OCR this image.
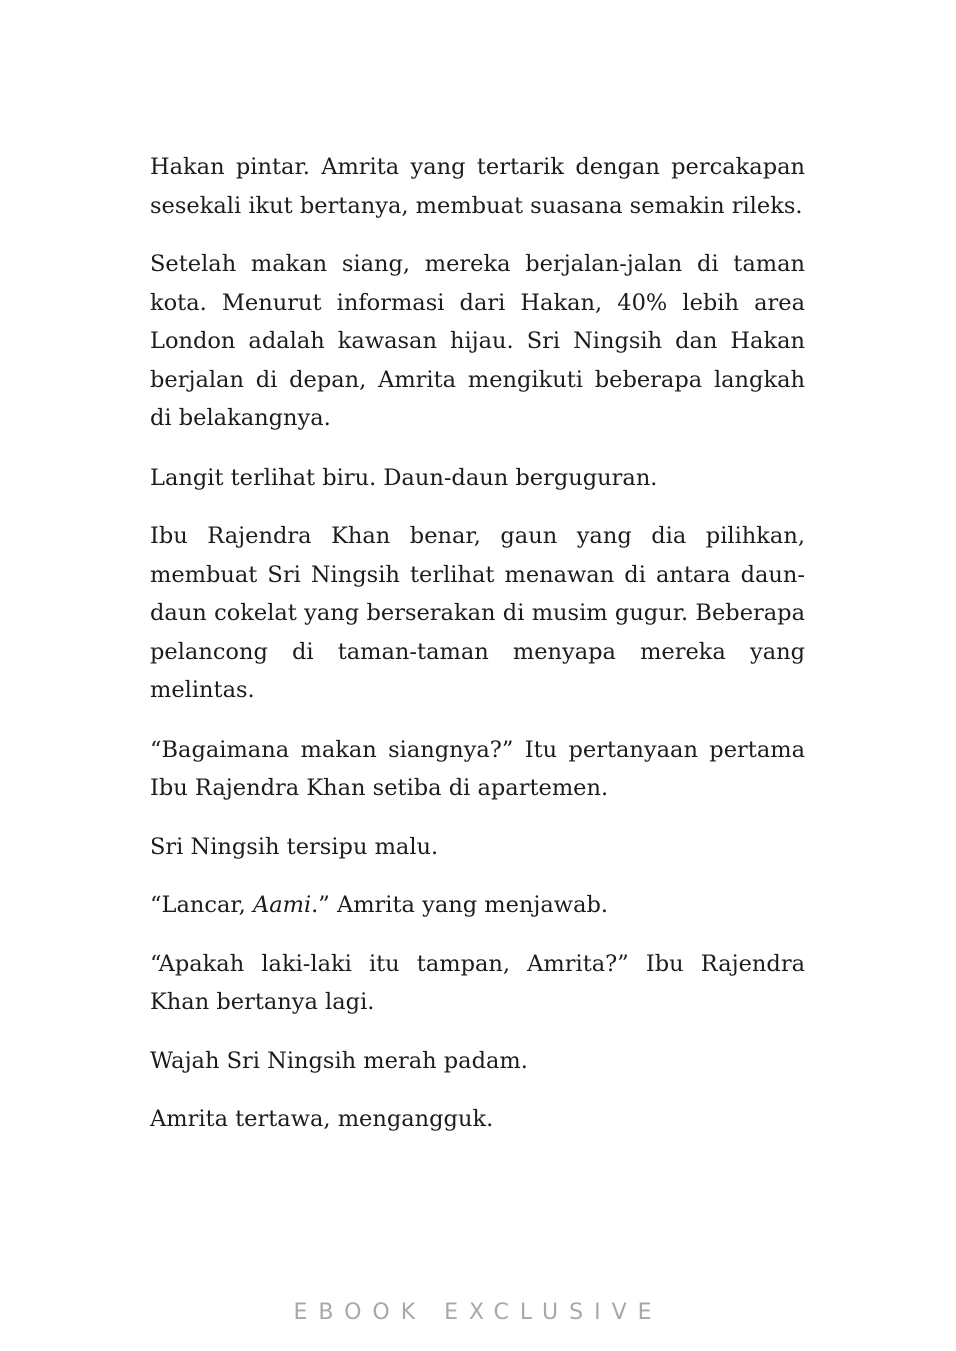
Hakan pintar. Amrita yang tertarik dengan percakapan sesekali ikut bertanya, membuat suasana semakin rileks.

Setelah makan siang, mereka berjalan-jalan di taman kota. Menurut informasi dari Hakan, 40% lebih area London adalah kawasan hijau. Sri Ningsih dan Hakan berjalan di depan, Amrita mengikuti beberapa langkah di belakangnya.

Langit terlihat biru. Daun-daun berguguran.

Ibu Rajendra Khan benar, gaun yang dia pilihkan, membuat Sri Ningsih terlihat menawan di antara daun-daun cokelat yang berserakan di musim gugur. Beberapa pelancong di taman-taman menyapa mereka yang melintas.

“Bagaimana makan siangnya?” Itu pertanyaan pertama Ibu Rajendra Khan setiba di apartemen.

Sri Ningsih tersipu malu.

“Lancar, Aami.” Amrita yang menjawab.

“Apakah laki-laki itu tampan, Amrita?” Ibu Rajendra Khan bertanya lagi.

Wajah Sri Ningsih merah padam.

Amrita tertawa, mengangguk.

EBOOK EXCLUSIVE
